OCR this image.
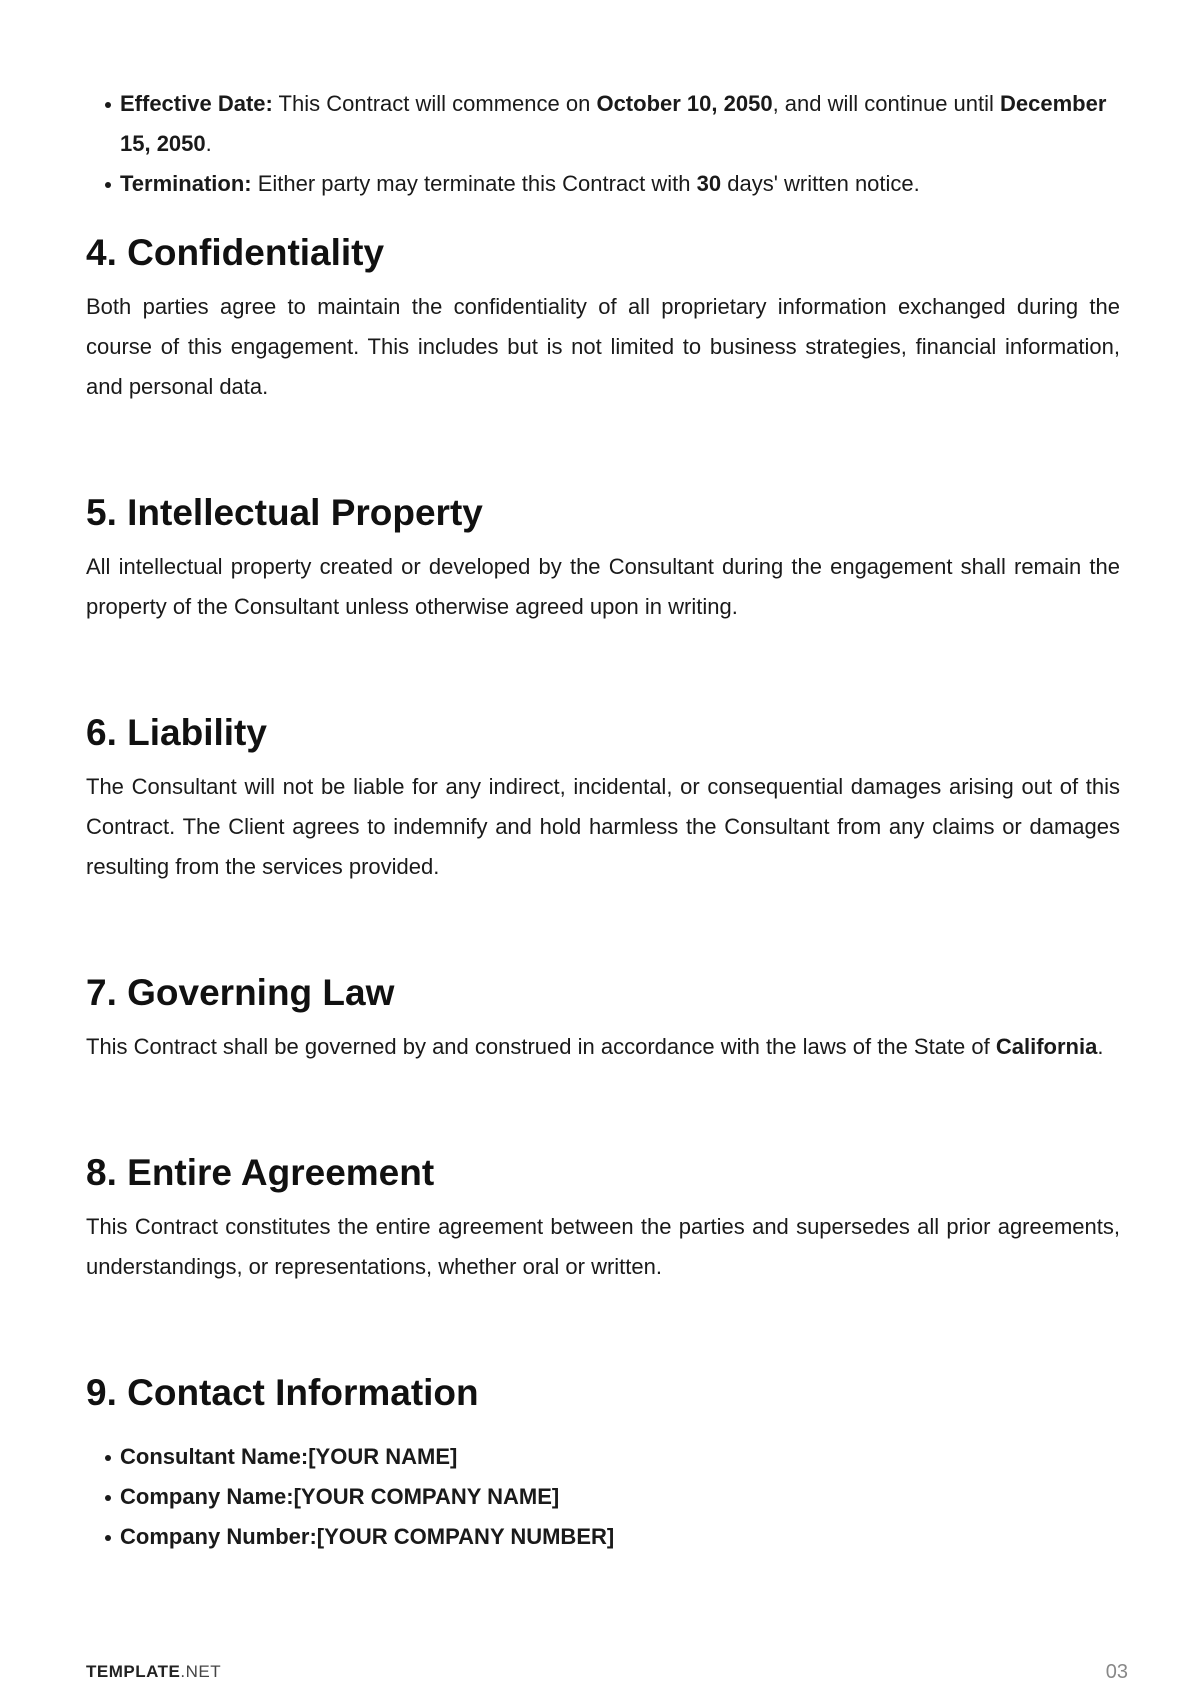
Effective Date: This Contract will commence on October 10, 2050, and will continue until December 15, 2050.
Termination: Either party may terminate this Contract with 30 days' written notice.
4. Confidentiality

Both parties agree to maintain the confidentiality of all proprietary information exchanged during the course of this engagement. This includes but is not limited to business strategies, financial information, and personal data.

5. Intellectual Property

All intellectual property created or developed by the Consultant during the engagement shall remain the property of the Consultant unless otherwise agreed upon in writing.

6. Liability

The Consultant will not be liable for any indirect, incidental, or consequential damages arising out of this Contract. The Client agrees to indemnify and hold harmless the Consultant from any claims or damages resulting from the services provided.

7. Governing Law

This Contract shall be governed by and construed in accordance with the laws of the State of California.

8. Entire Agreement

This Contract constitutes the entire agreement between the parties and supersedes all prior agreements, understandings, or representations, whether oral or written.

9. Contact Information
Consultant Name:[YOUR NAME]
Company Name:[YOUR COMPANY NAME]
Company Number:[YOUR COMPANY NUMBER]
TEMPLATE.NET	03
